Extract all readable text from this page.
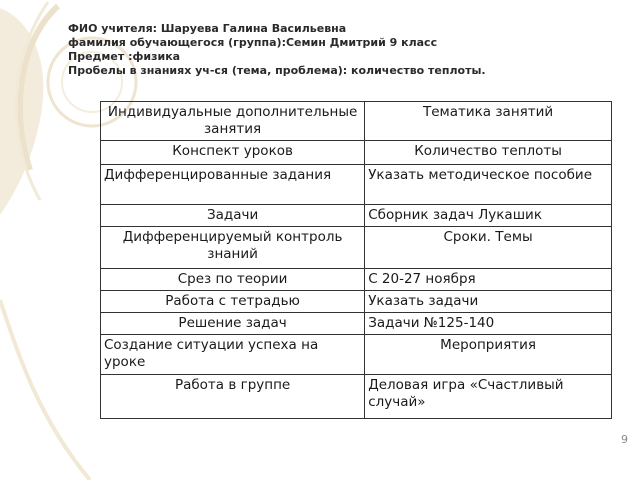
ФИО учителя: Шаруева Галина Васильевна
фамилия обучающегося (группа):Семин Дмитрий 9 класс
Предмет :физика
Пробелы в знаниях уч-ся (тема, проблема): количество теплоты.
Индивидуальные дополнительные занятия	Тематика занятий
Конспект уроков	Количество теплоты
Дифференцированные задания	Указать методическое пособие
Задачи	Сборник задач Лукашик
Дифференцируемый контроль знаний	Сроки. Темы
Срез по теории	С 20-27 ноября
Работа с тетрадью	Указать задачи
Решение задач	Задачи №125-140
Создание ситуации успеха на уроке	Мероприятия
Работа в группе	Деловая игра «Счастливый случай»
9
